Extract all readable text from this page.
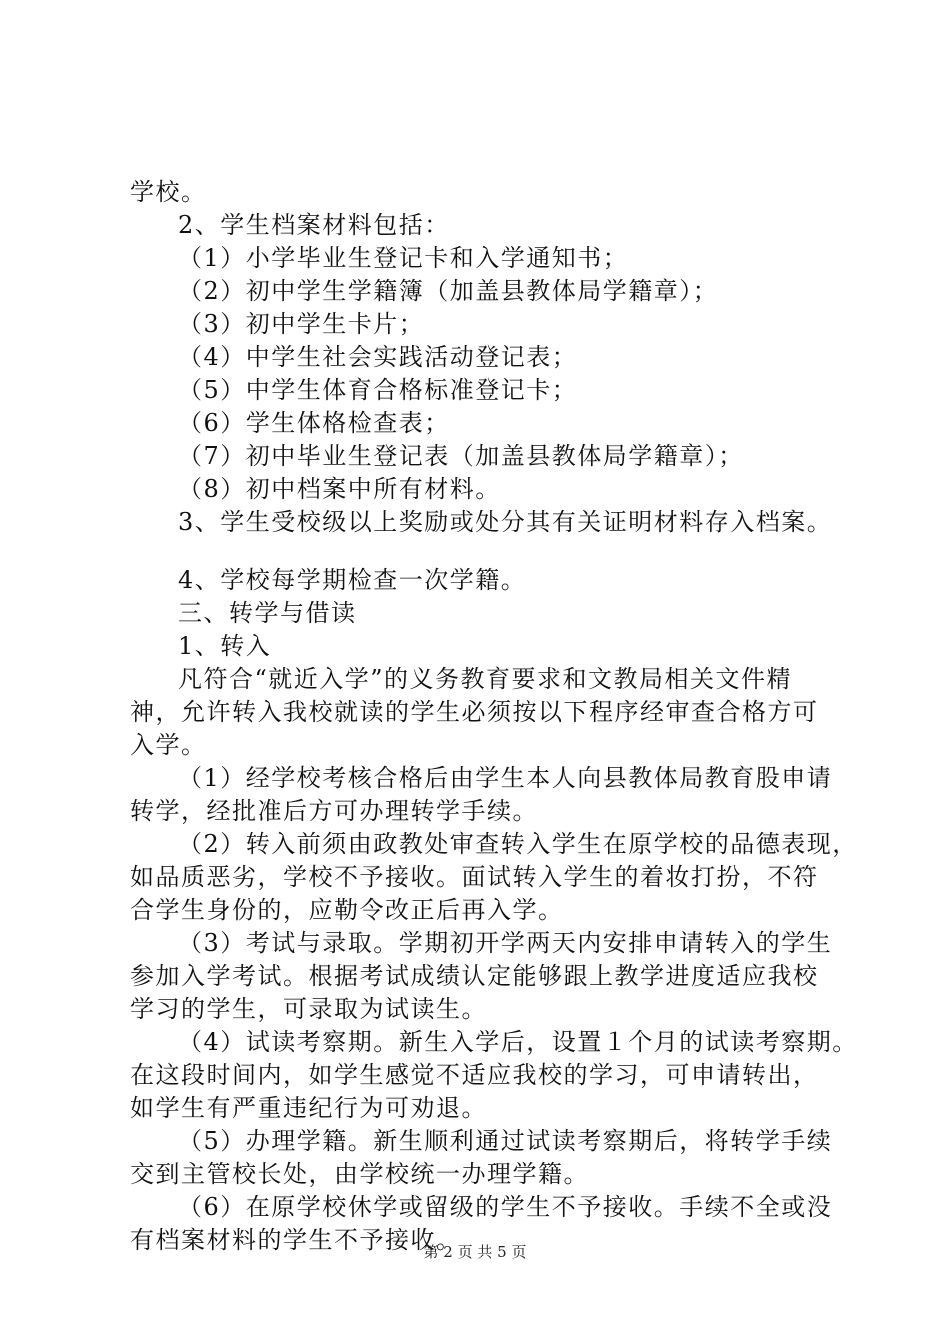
学校。
2、学生档案材料包括：
（1）小学毕业生登记卡和入学通知书；
（2）初中学生学籍簿（加盖县教体局学籍章）；
（3）初中学生卡片；
（4）中学生社会实践活动登记表；
（5）中学生体育合格标准登记卡；
（6）学生体格检查表；
（7）初中毕业生登记表（加盖县教体局学籍章）；
（8）初中档案中所有材料。
3、学生受校级以上奖励或处分其有关证明材料存入档案。
4、学校每学期检查一次学籍。
三、转学与借读
1、转入
凡符合“就近入学”的义务教育要求和文教局相关文件精
神，允许转入我校就读的学生必须按以下程序经审查合格方可
入学。
（1）经学校考核合格后由学生本人向县教体局教育股申请
转学，经批准后方可办理转学手续。
（2）转入前须由政教处审查转入学生在原学校的品德表现，
如品质恶劣，学校不予接收。面试转入学生的着妆打扮，不符
合学生身份的，应勒令改正后再入学。
（3）考试与录取。学期初开学两天内安排申请转入的学生
参加入学考试。根据考试成绩认定能够跟上教学进度适应我校
学习的学生，可录取为试读生。
（4）试读考察期。新生入学后，设置１个月的试读考察期。
在这段时间内，如学生感觉不适应我校的学习，可申请转出，
如学生有严重违纪行为可劝退。
（5）办理学籍。新生顺利通过试读考察期后，将转学手续
交到主管校长处，由学校统一办理学籍。
（6）在原学校休学或留级的学生不予接收。手续不全或没
有档案材料的学生不予接收。
第 2 页 共 5 页
